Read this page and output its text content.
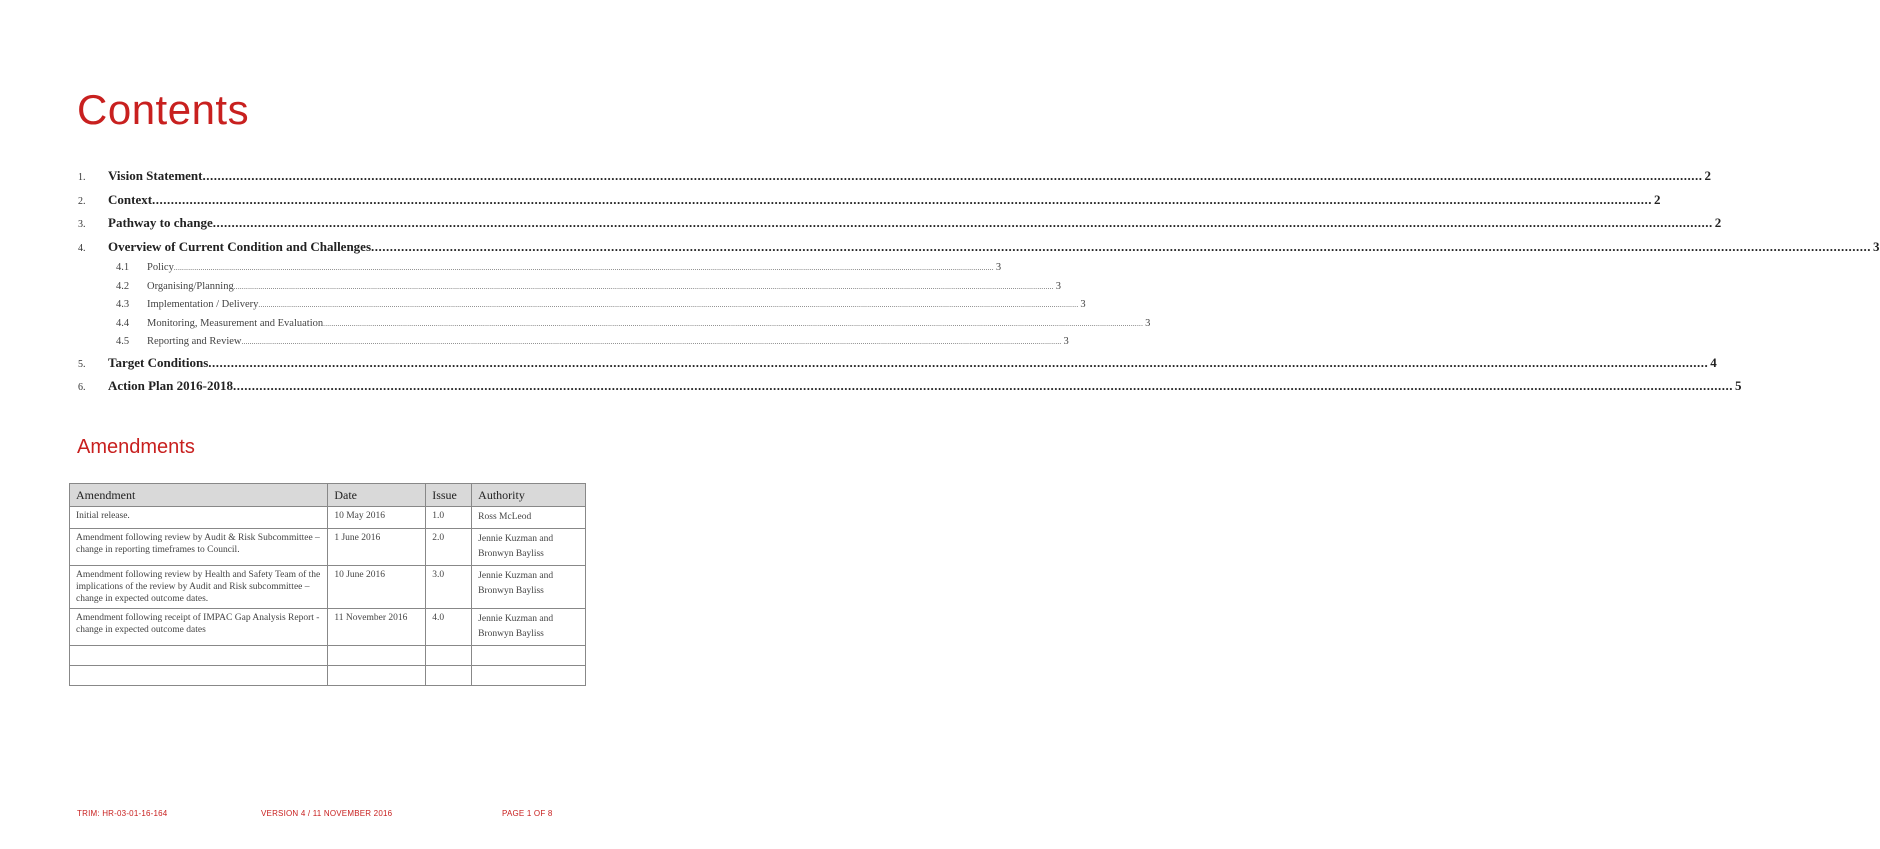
Contents
1.	Vision Statement ................................................................................................................................................................................................................................................................................................................................................................................................................ 2
2.	Context ................................................................................................................................................................................................................................................................................................................................................................................................................ 2
3.	Pathway to change ................................................................................................................................................................................................................................................................................................................................................................................................................ 2
4.	Overview of Current Condition and Challenges ................................................................................................................................................................................................................................................................................................................................................................................................................ 3
4.1	Policy ................................................................................................................................................................................................................................................................................................................................................................................................................ 3
4.2	Organising/Planning ................................................................................................................................................................................................................................................................................................................................................................................................................ 3
4.3	Implementation / Delivery ................................................................................................................................................................................................................................................................................................................................................................................................................ 3
4.4	Monitoring, Measurement and Evaluation ................................................................................................................................................................................................................................................................................................................................................................................................................ 3
4.5	Reporting and Review ................................................................................................................................................................................................................................................................................................................................................................................................................ 3
5.	Target Conditions ................................................................................................................................................................................................................................................................................................................................................................................................................ 4
6.	Action Plan 2016-2018 ................................................................................................................................................................................................................................................................................................................................................................................................................ 5
Amendments
Amendment	Date	Issue	Authority
Initial release.	10 May 2016	1.0	Ross McLeod
Amendment following review by Audit & Risk Subcommittee – change in reporting timeframes to Council.	1 June 2016	2.0	Jennie Kuzman and Bronwyn Bayliss
Amendment following review by Health and Safety Team of the implications of the review by Audit and Risk subcommittee – change in expected outcome dates.	10 June 2016	3.0	Jennie Kuzman and Bronwyn Bayliss
Amendment following receipt of IMPAC Gap Analysis Report - change in expected outcome dates	11 November 2016	4.0	Jennie Kuzman and Bronwyn Bayliss

TRIM: HR-03-01-16-164	VERSION 4 / 11 NOVEMBER 2016	PAGE 1 OF 8
